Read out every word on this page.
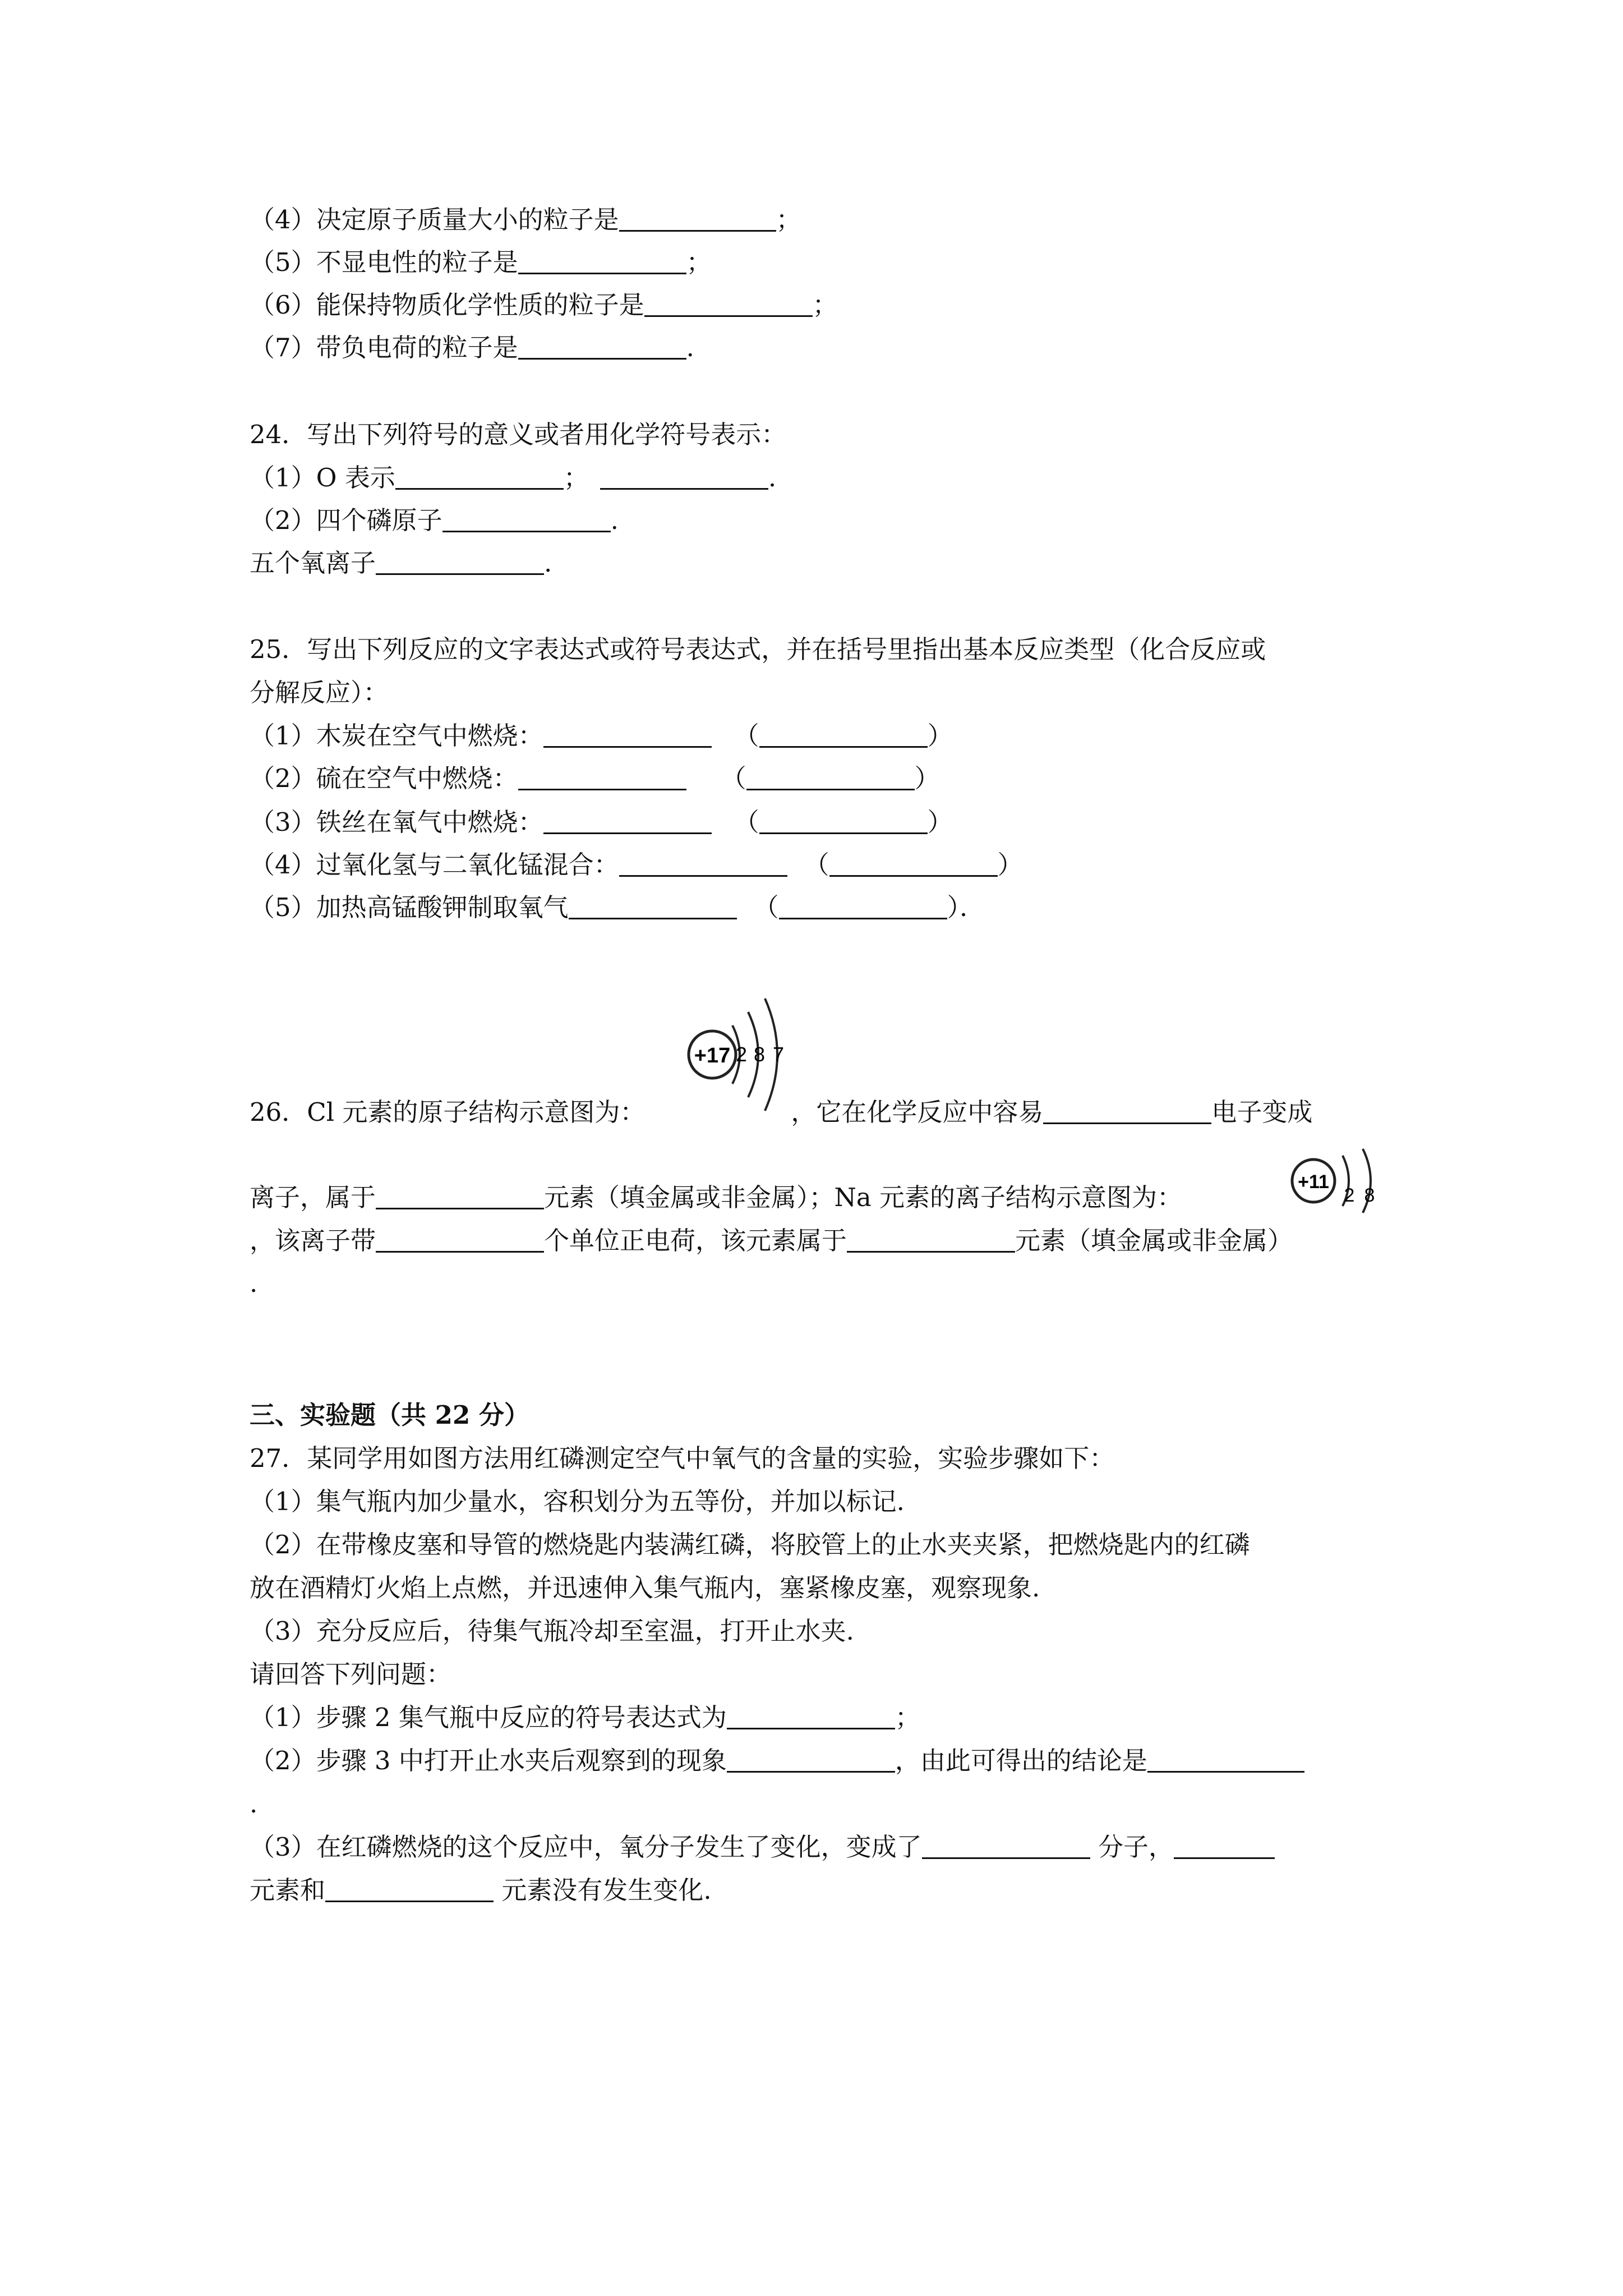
（4）决定原子质量大小的粒子是	；
（5）不显电性的粒子是	；
（6）能保持物质化学性质的粒子是	；
（7）带负电荷的粒子是	.
24．写出下列符号的意义或者用化学符号表示：
（1）O 表示	；	.
（2）四个磷原子	.
五个氧离子	.
25．写出下列反应的文字表达式或符号表达式，并在括号里指出基本反应类型（化合反应或
分解反应）：
（1）木炭在空气中燃烧：	（	）
（2）硫在空气中燃烧：	（	）
（3）铁丝在氧气中燃烧：	（	）
（4）过氧化氢与二氧化锰混合：	（	）
（5）加热高锰酸钾制取氧气	（	）．
+17 2 8 7
26．Cl 元素的原子结构示意图为：	，它在化学反应中容易	电子变成
+11
2 8
离子，属于	元素（填金属或非金属）；Na 元素的离子结构示意图为：
，该离子带	个单位正电荷，该元素属于	元素（填金属或非金属）
.
三、实验题（共 22 分）
27．某同学用如图方法用红磷测定空气中氧气的含量的实验，实验步骤如下：
（1）集气瓶内加少量水，容积划分为五等份，并加以标记.
（2）在带橡皮塞和导管的燃烧匙内装满红磷，将胶管上的止水夹夹紧，把燃烧匙内的红磷
放在酒精灯火焰上点燃，并迅速伸入集气瓶内，塞紧橡皮塞，观察现象.
（3）充分反应后，待集气瓶冷却至室温，打开止水夹.
请回答下列问题：
（1）步骤 2 集气瓶中反应的符号表达式为	；
（2）步骤 3 中打开止水夹后观察到的现象	，由此可得出的结论是
.
（3）在红磷燃烧的这个反应中，氧分子发生了变化，变成了	分子，
元素和	元素没有发生变化.
